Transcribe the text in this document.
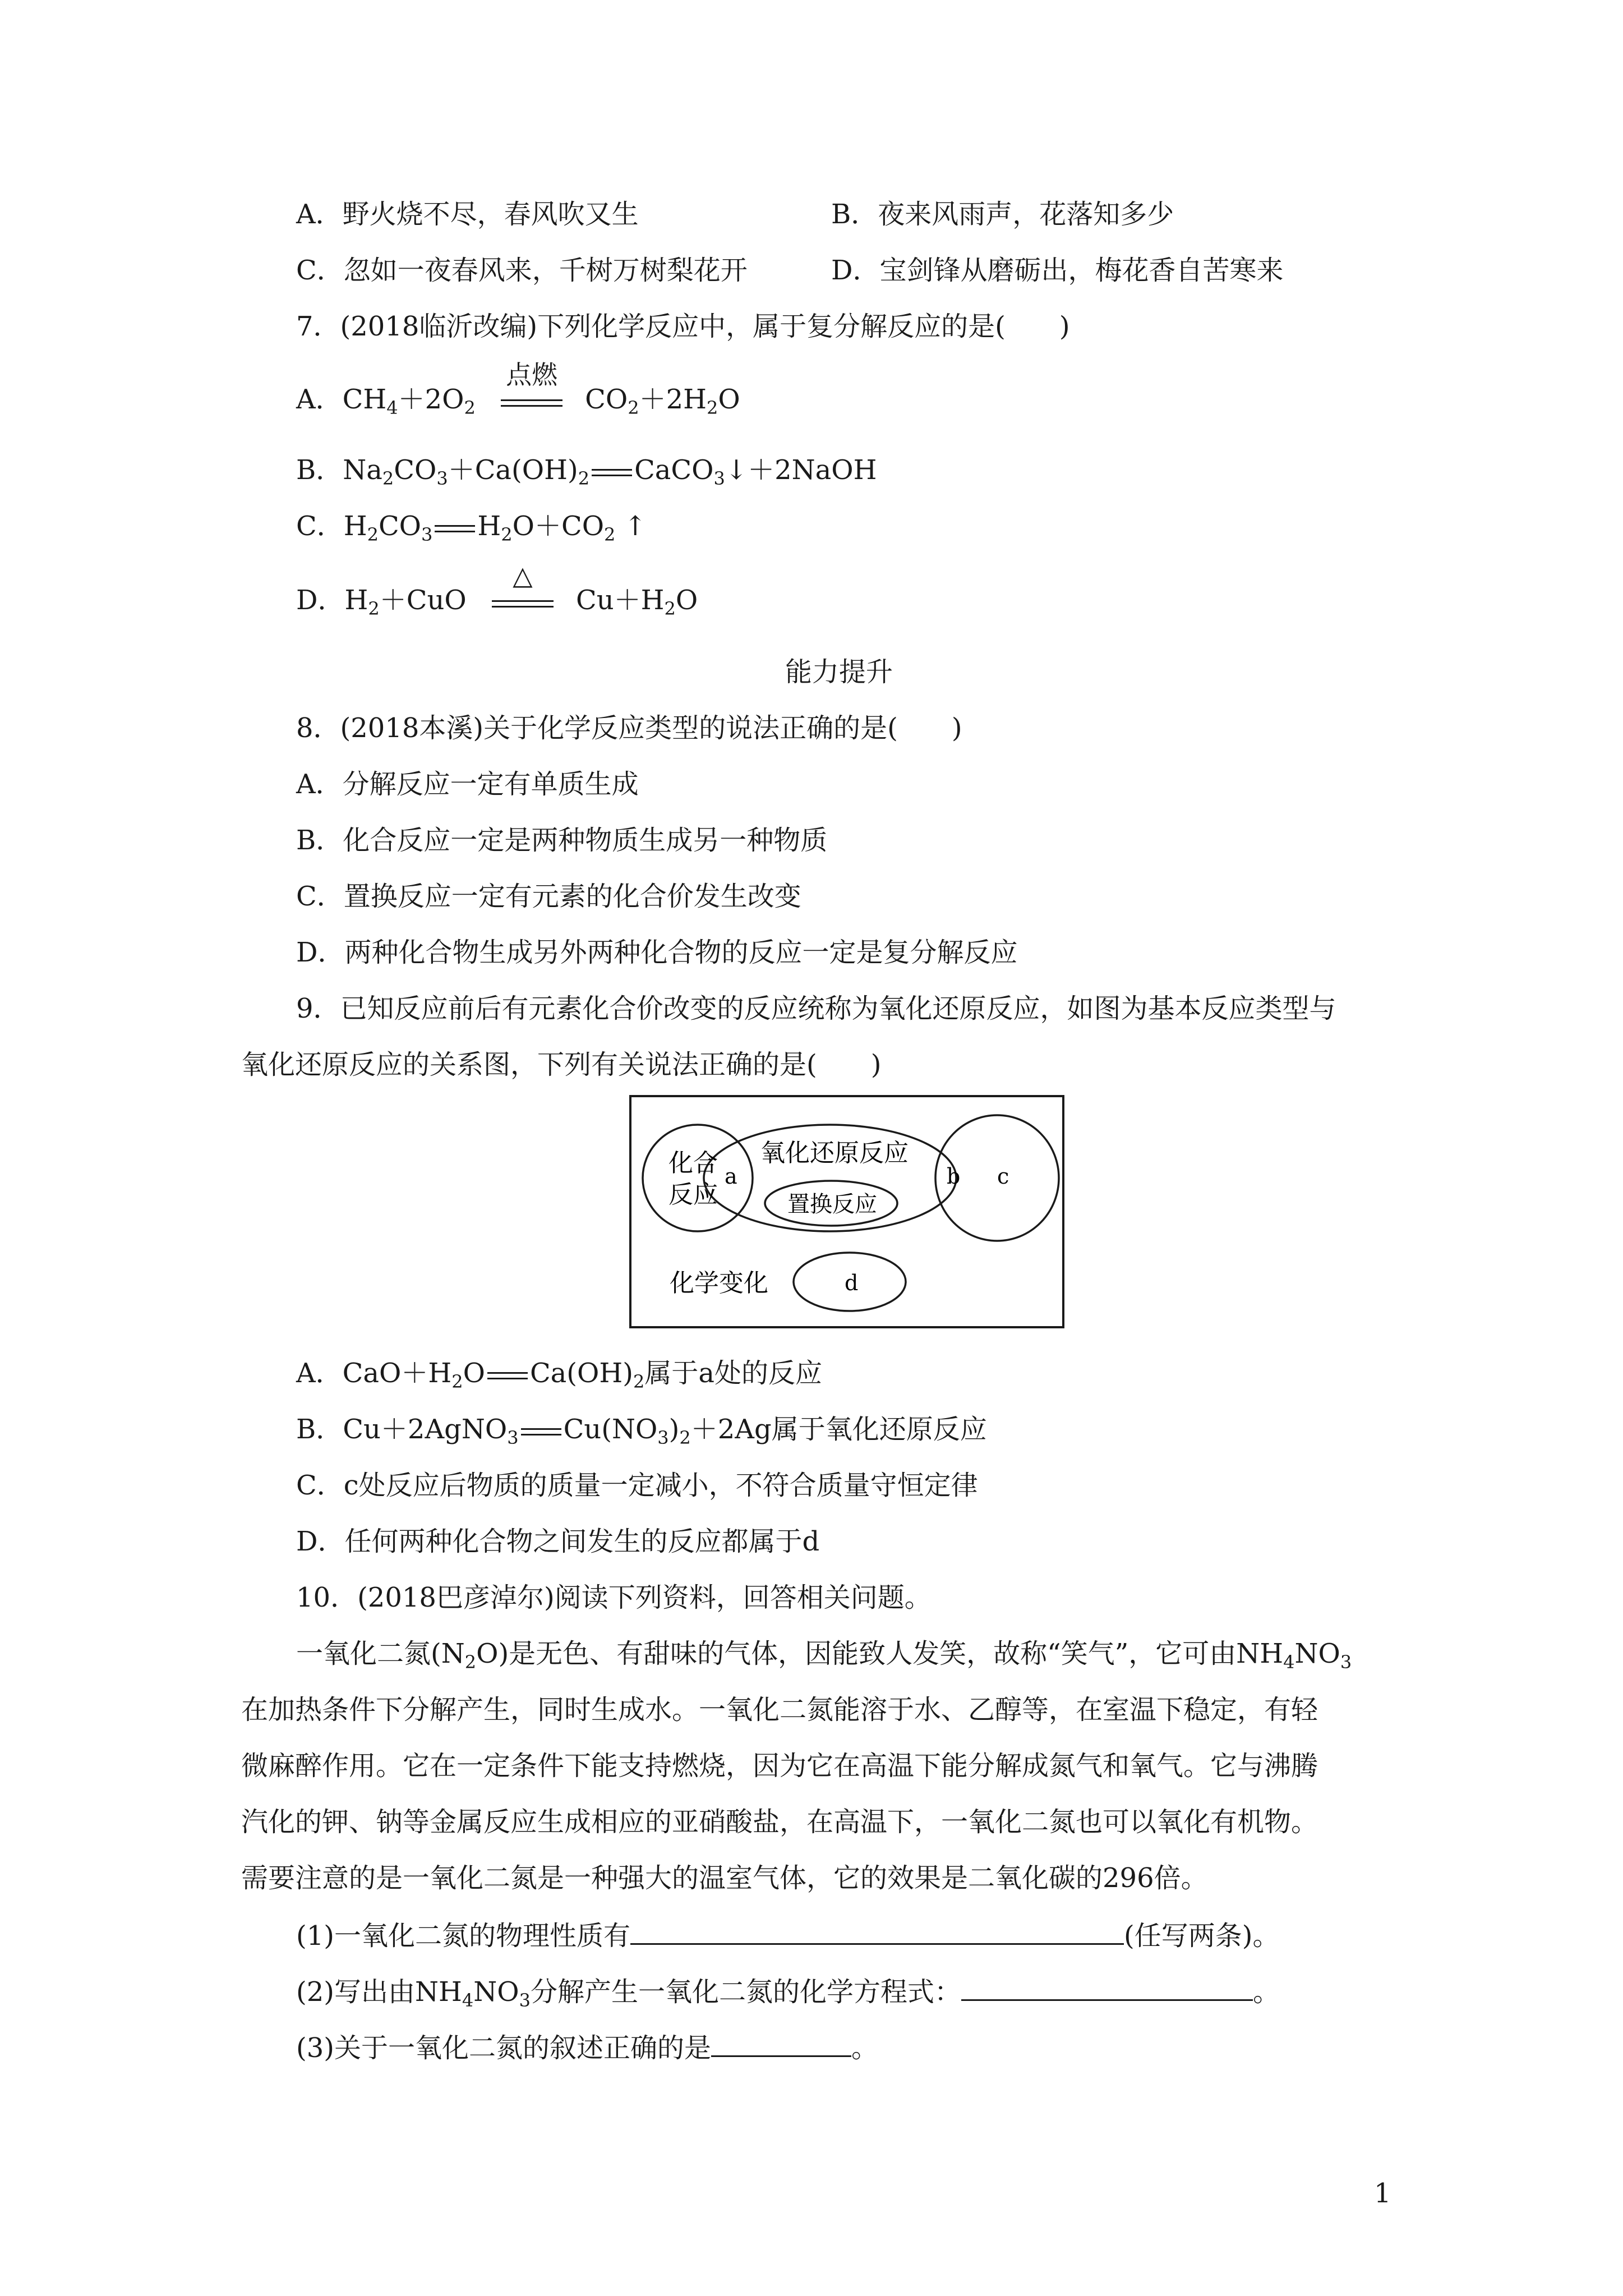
A．野火烧不尽，春风吹又生	B．夜来风雨声，花落知多少
C．忽如一夜春风来，千树万树梨花开	D．宝剑锋从磨砺出，梅花香自苦寒来
7．(2018临沂改编)下列化学反应中，属于复分解反应的是(　　)
A．$CH_4+2O_2$
点燃
$CO_2+2H_2O$
B．$Na_2CO_3+Ca(OH)_2$ CaCO$_3$↓＋2NaOH
C．$H_2CO_3$ $H_2O+CO_2$ ↑
D．$H_2+CuO$
△
$Cu+H_2O$
能力提升
8．(2018本溪)关于化学反应类型的说法正确的是(　　)
A．分解反应一定有单质生成
B．化合反应一定是两种物质生成另一种物质
C．置换反应一定有元素的化合价发生改变
D．两种化合物生成另外两种化合物的反应一定是复分解反应
9．已知反应前后有元素化合价改变的反应统称为氧化还原反应，如图为基本反应类型与
氧化还原反应的关系图，下列有关说法正确的是(　　)
化合
反应
a
氧化还原反应
置换反应
b c
化学变化	d
A．$CaO+H_2O$ $Ca(OH)_2$属于a处的反应
B．Cu＋2AgNO$_3$ $Cu(NO_3)_2+2Ag$属于氧化还原反应
C．c处反应后物质的质量一定减小，不符合质量守恒定律
D．任何两种化合物之间发生的反应都属于d
10．(2018巴彦淖尔)阅读下列资料，回答相关问题。
一氧化二氮$(N_2O)$是无色、有甜味的气体，因能致人发笑，故称“笑气”，它可由$NH_4NO_3$
在加热条件下分解产生，同时生成水。一氧化二氮能溶于水、乙醇等，在室温下稳定，有轻
微麻醉作用。它在一定条件下能支持燃烧，因为它在高温下能分解成氮气和氧气。它与沸腾
汽化的钾、钠等金属反应生成相应的亚硝酸盐，在高温下，一氧化二氮也可以氧化有机物。
需要注意的是一氧化二氮是一种强大的温室气体，它的效果是二氧化碳的296倍。
(1)一氧化二氮的物理性质有	(任写两条)。
(2)写出由$NH_4NO_3$分解产生一氧化二氮的化学方程式：	。
(3)关于一氧化二氮的叙述正确的是	。
1
